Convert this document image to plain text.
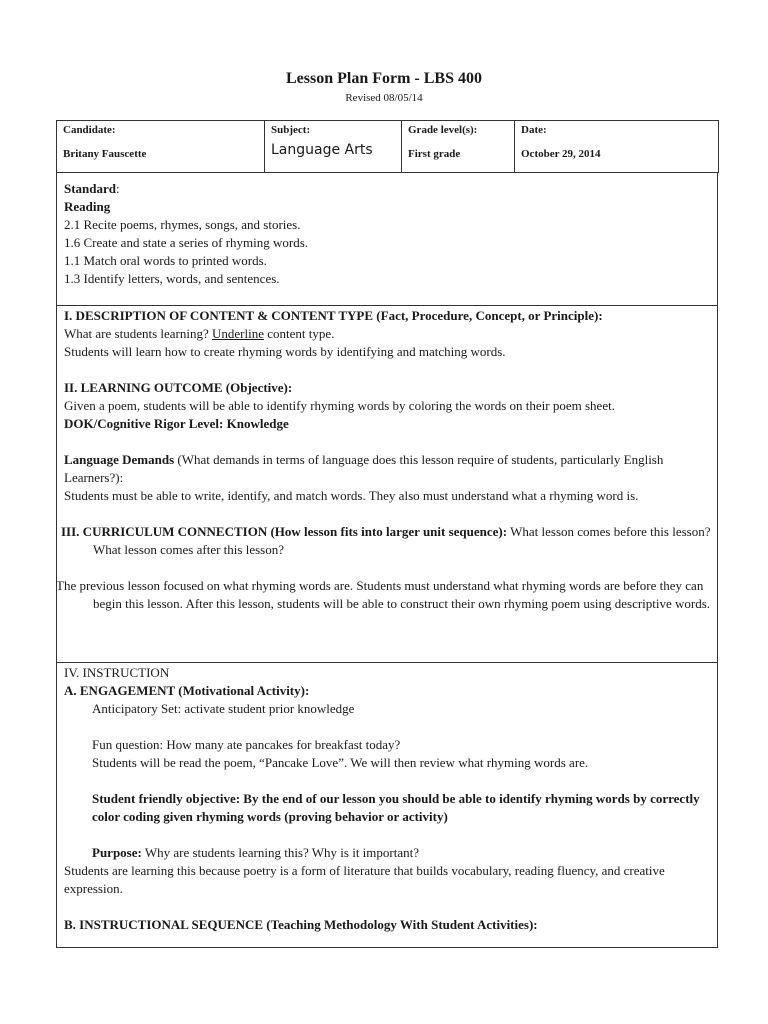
Lesson Plan Form - LBS 400
Revised 08/05/14
Candidate:
Britany Fauscette

Subject:
Language Arts

Grade level(s):
First grade

Date:
October 29, 2014
Standard:
Reading
2.1 Recite poems, rhymes, songs, and stories.
1.6 Create and state a series of rhyming words.
1.1 Match oral words to printed words.
1.3 Identify letters, words, and sentences.
I. DESCRIPTION OF CONTENT & CONTENT TYPE (Fact, Procedure, Concept, or Principle):
What are students learning? Underline content type.
Students will learn how to create rhyming words by identifying and matching words.
II. LEARNING OUTCOME (Objective):
Given a poem, students will be able to identify rhyming words by coloring the words on their poem sheet.
DOK/Cognitive Rigor Level: Knowledge
Language Demands (What demands in terms of language does this lesson require of students, particularly English Learners?):
Students must be able to write, identify, and match words. They also must understand what a rhyming word is.
III. CURRICULUM CONNECTION (How lesson fits into larger unit sequence): What lesson comes before this lesson? What lesson comes after this lesson?
The previous lesson focused on what rhyming words are. Students must understand what rhyming words are before they can begin this lesson. After this lesson, students will be able to construct their own rhyming poem using descriptive words.
IV. INSTRUCTION
A. ENGAGEMENT (Motivational Activity):
Anticipatory Set: activate student prior knowledge
Fun question: How many ate pancakes for breakfast today?
Students will be read the poem, “Pancake Love”. We will then review what rhyming words are.
Student friendly objective: By the end of our lesson you should be able to identify rhyming words by correctly color coding given rhyming words (proving behavior or activity)
Purpose: Why are students learning this? Why is it important?
Students are learning this because poetry is a form of literature that builds vocabulary, reading fluency, and creative expression.
B. INSTRUCTIONAL SEQUENCE (Teaching Methodology With Student Activities):
